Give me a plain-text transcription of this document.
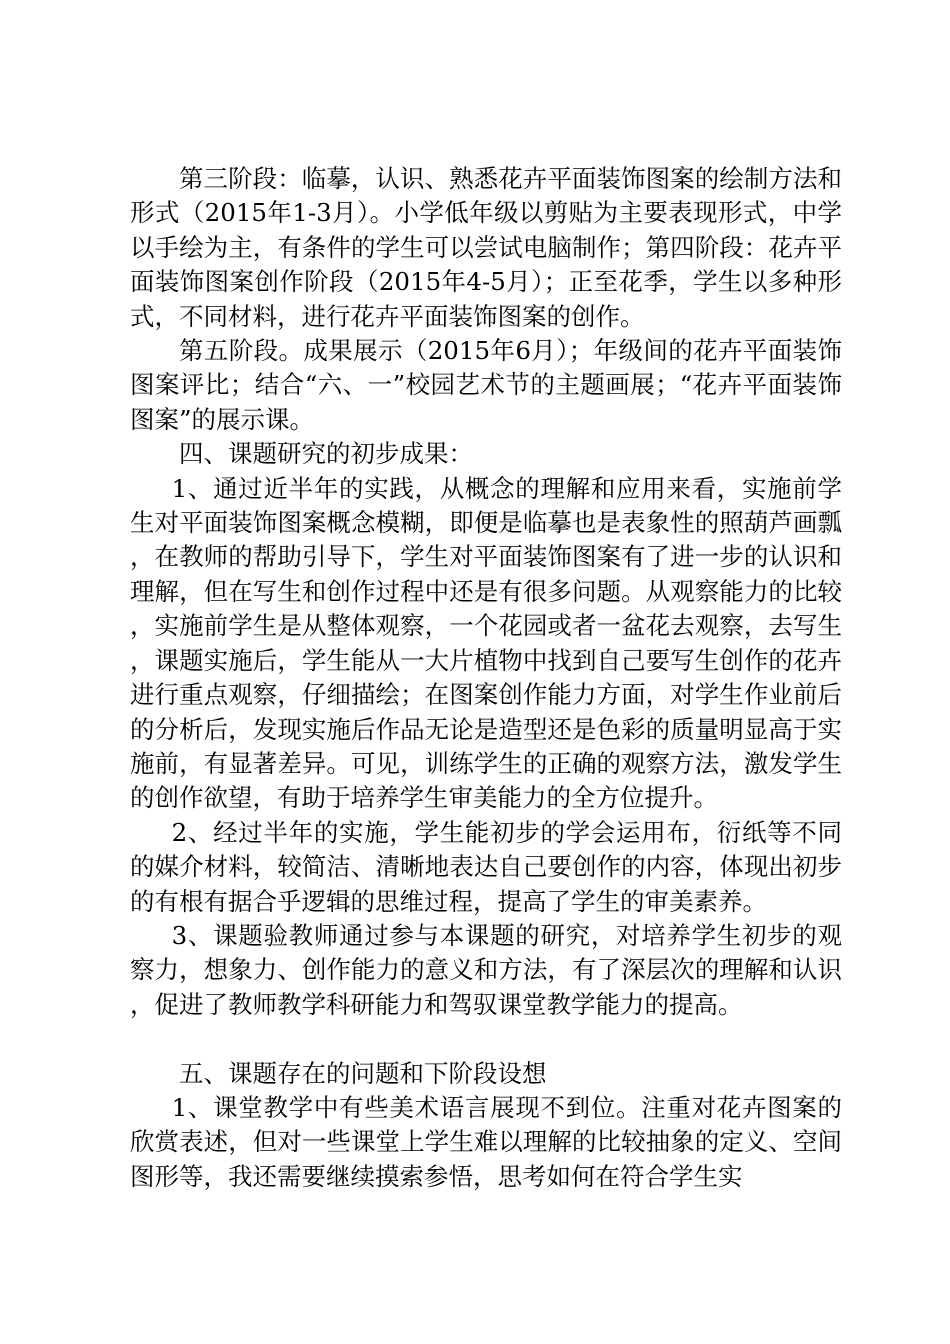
第三阶段：临摹，认识、熟悉花卉平面装饰图案的绘制方法和形式（2015年1-3月）。小学低年级以剪贴为主要表现形式，中学以手绘为主，有条件的学生可以尝试电脑制作；第四阶段：花卉平面装饰图案创作阶段（2015年4-5月）；正至花季，学生以多种形式，不同材料，进行花卉平面装饰图案的创作。

第五阶段。成果展示（2015年6月）；年级间的花卉平面装饰图案评比；结合“六、一”校园艺术节的主题画展；“花卉平面装饰图案”的展示课。

四、课题研究的初步成果：

1、通过近半年的实践，从概念的理解和应用来看，实施前学生对平面装饰图案概念模糊，即便是临摹也是表象性的照葫芦画瓢，在教师的帮助引导下，学生对平面装饰图案有了进一步的认识和理解，但在写生和创作过程中还是有很多问题。从观察能力的比较，实施前学生是从整体观察，一个花园或者一盆花去观察，去写生，课题实施后，学生能从一大片植物中找到自己要写生创作的花卉进行重点观察，仔细描绘；在图案创作能力方面，对学生作业前后的分析后，发现实施后作品无论是造型还是色彩的质量明显高于实施前，有显著差异。可见，训练学生的正确的观察方法，激发学生的创作欲望，有助于培养学生审美能力的全方位提升。

2、经过半年的实施，学生能初步的学会运用布，衍纸等不同的媒介材料，较简洁、清晰地表达自己要创作的内容，体现出初步的有根有据合乎逻辑的思维过程，提高了学生的审美素养。

3、课题验教师通过参与本课题的研究，对培养学生初步的观察力，想象力、创作能力的意义和方法，有了深层次的理解和认识，促进了教师教学科研能力和驾驭课堂教学能力的提高。

五、课题存在的问题和下阶段设想

1、课堂教学中有些美术语言展现不到位。注重对花卉图案的欣赏表述，但对一些课堂上学生难以理解的比较抽象的定义、空间图形等，我还需要继续摸索参悟，思考如何在符合学生实
